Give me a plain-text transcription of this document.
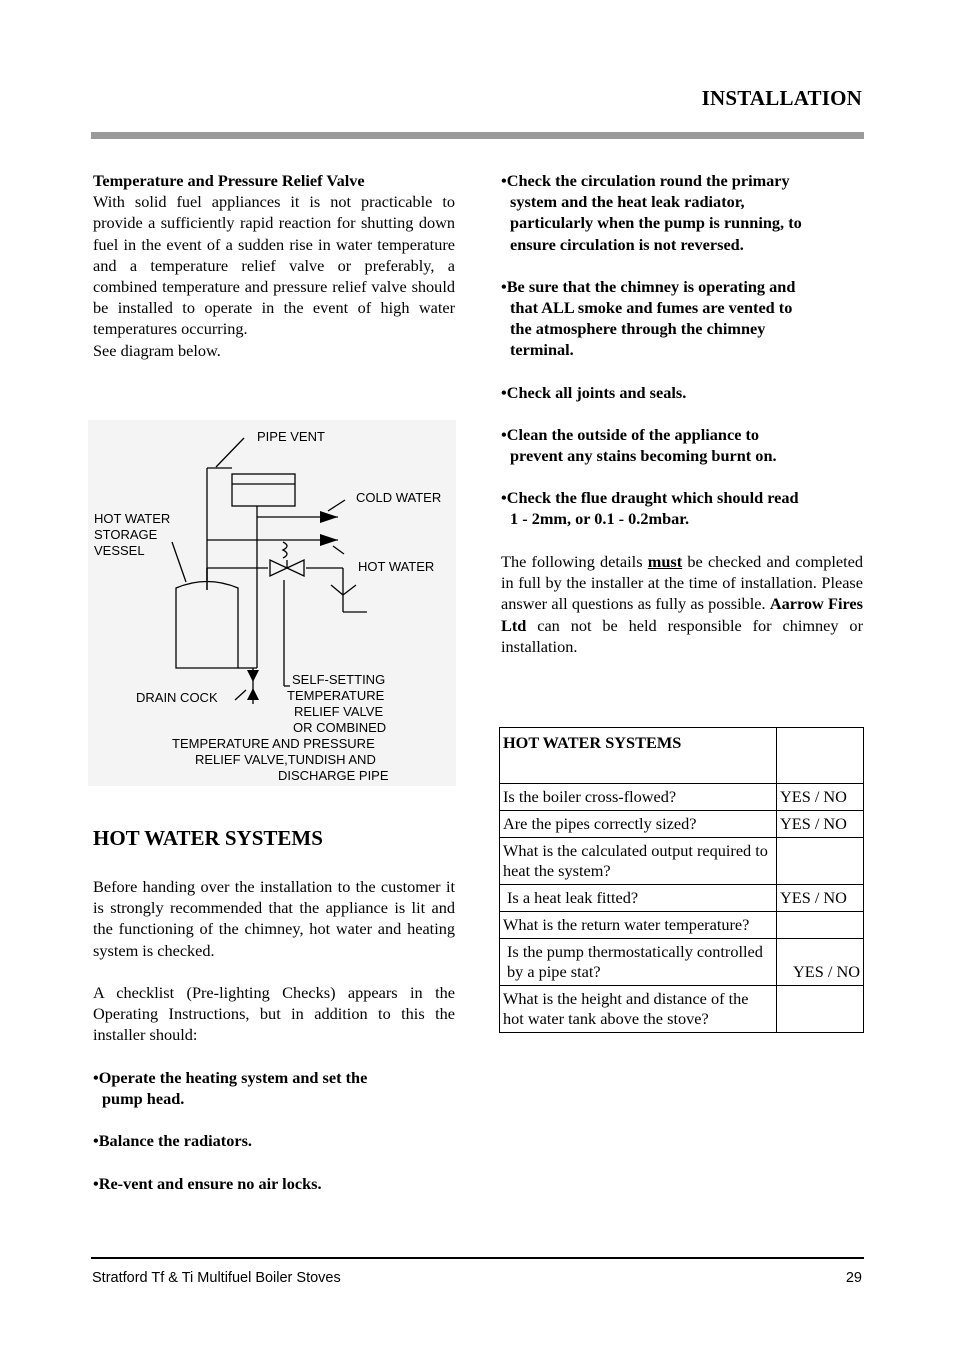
INSTALLATION
Temperature and Pressure Relief Valve
With solid fuel appliances it is not practicable to provide a sufficiently rapid reaction for shutting down fuel in the event of a sudden rise in water temperature and a temperature relief valve or preferably, a combined temperature and pressure relief valve should be installed to operate in the event of high water temperatures occurring.
See diagram below.
PIPE VENT
COLD WATER
HOT WATER
STORAGE
VESSEL
HOT WATER
DRAIN COCK
SELF-SETTING
TEMPERATURE
RELIEF VALVE
OR COMBINED
TEMPERATURE AND PRESSURE
RELIEF VALVE,TUNDISH AND
DISCHARGE PIPE
HOT WATER SYSTEMS
Before handing over the installation to the customer it is strongly recommended that the appliance is lit and the functioning of the chimney, hot water and heating system is checked.
A checklist (Pre-lighting Checks) appears in the Operating Instructions, but in addition to this the installer should:
•Operate the heating system and set the
pump head.
•Balance the radiators.
•Re-vent and ensure no air locks.
•Check the circulation round the primary
system and the heat leak radiator,
particularly when the pump is running, to
ensure circulation is not reversed.
•Be sure that the chimney is operating and
that ALL smoke and fumes are vented to
the atmosphere through the chimney
terminal.
•Check all joints and seals.
•Clean the outside of the appliance to
prevent any stains becoming burnt on.
•Check the flue draught which should read
1 - 2mm, or 0.1 - 0.2mbar.
The following details must be checked and completed in full by the installer at the time of installation. Please answer all questions as fully as possible. Aarrow Fires Ltd can not be held responsible for chimney or installation.
HOT WATER SYSTEMS	
Is the boiler cross-flowed?	YES / NO
Are the pipes correctly sized?	YES / NO
What is the calculated output required to heat the system?	
Is a heat leak fitted?	YES / NO
What is the return water temperature?	
Is the pump thermostatically controlled by a pipe stat?	YES / NO
What is the height and distance of the hot water tank above the stove?	
Stratford Tf & Ti Multifuel Boiler Stoves	29
